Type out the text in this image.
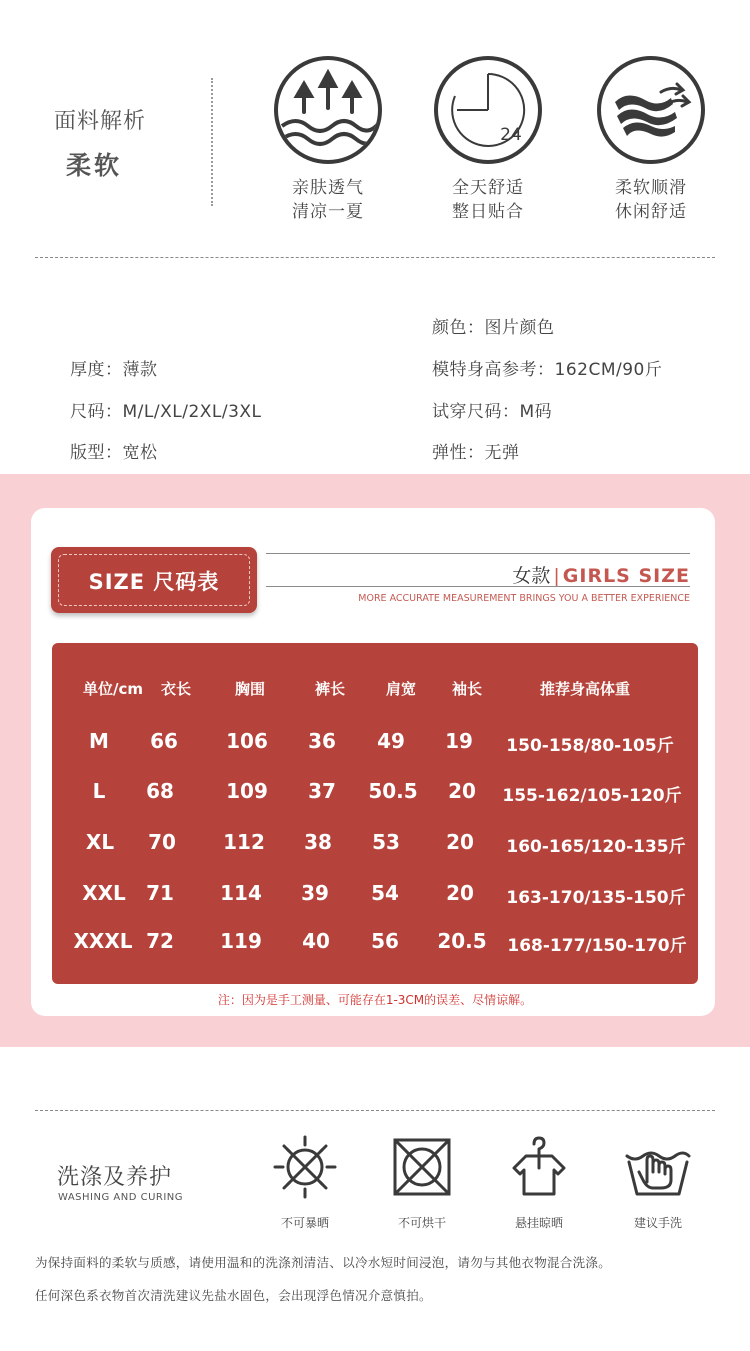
面料解析
柔软
亲肤透气
清凉一夏
24
全天舒适
整日贴合
柔软顺滑
休闲舒适
颜色：图片颜色
厚度：薄款	模特身高参考：162CM/90斤
尺码：M/L/XL/2XL/3XL	试穿尺码：M码
版型：宽松	弹性：无弹
SIZE 尺码表	女款 | GIRLS SIZE
MORE ACCURATE MEASUREMENT BRINGS YOU A BETTER EXPERIENCE
单位/cm 衣长	胸围	裤长	肩宽 袖长	推荐身高体重
M 66 106 36 49 19 150-158/80-105斤
L 68	109 37 50.5 20 155-162/105-120斤
XL 70 112 38 53 20 160-165/120-135斤
XXL 71 114 39 54 20 163-170/135-150斤
XXXL 72 119 40 56 20.5 168-177/150-170斤
注：因为是手工测量、可能存在1-3CM的误差、尽情谅解。
洗涤及养护
WASHING AND CURING
不可暴晒	不可烘干	悬挂晾晒	建议手洗
为保持面料的柔软与质感，请使用温和的洗涤剂清洁、以冷水短时间浸泡，请勿与其他衣物混合洗涤。
任何深色系衣物首次清洗建议先盐水固色，会出现浮色情况介意慎拍。
